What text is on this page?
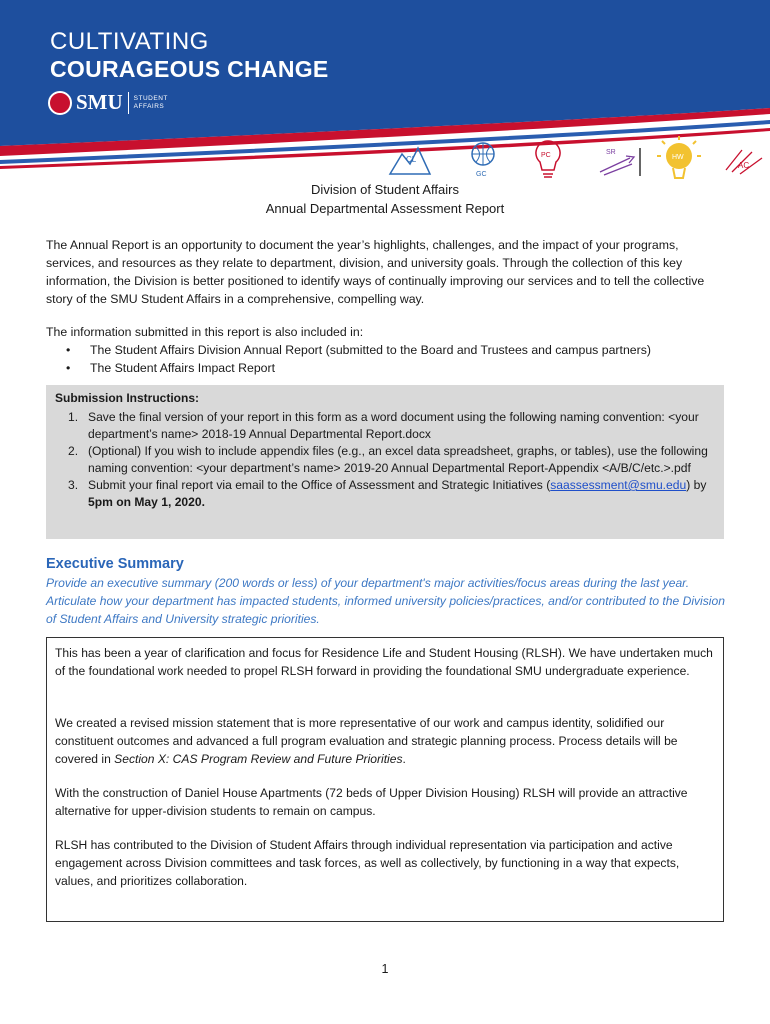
CULTIVATING
COURAGEOUS CHANGE
SMU STUDENT
AFFAIRS
CL
GC
PC	SR
HW
AC
Division of Student Affairs
Annual Departmental Assessment Report

The Annual Report is an opportunity to document the year’s highlights, challenges, and the impact of your programs, services, and resources as they relate to department, division, and university goals. Through the collection of this key information, the Division is better positioned to identify ways of continually improving our services and to tell the collective story of the SMU Student Affairs in a comprehensive, compelling way.

The information submitted in this report is also included in:

• The Student Affairs Division Annual Report (submitted to the Board and Trustees and campus partners)
• The Student Affairs Impact Report
Submission Instructions:
1. Save the final version of your report in this form as a word document using the following naming convention: <your department’s name> 2018-19 Annual Departmental Report.docx
2. (Optional) If you wish to include appendix files (e.g., an excel data spreadsheet, graphs, or tables), use the following naming convention: <your department’s name> 2019-20 Annual Departmental Report-Appendix <A/B/C/etc.>.pdf
3. Submit your final report via email to the Office of Assessment and Strategic Initiatives (saassessment@smu.edu) by 5pm on May 1, 2020.
Executive Summary

Provide an executive summary (200 words or less) of your department's major activities/focus areas during the last year. Articulate how your department has impacted students, informed university policies/practices, and/or contributed to the Division of Student Affairs and University strategic priorities.

This has been a year of clarification and focus for Residence Life and Student Housing (RLSH). We have undertaken much of the foundational work needed to propel RLSH forward in providing the foundational SMU undergraduate experience.

We created a revised mission statement that is more representative of our work and campus identity, solidified our constituent outcomes and advanced a full program evaluation and strategic planning process. Process details will be covered in Section X: CAS Program Review and Future Priorities.

With the construction of Daniel House Apartments (72 beds of Upper Division Housing) RLSH will provide an attractive alternative for upper-division students to remain on campus.

RLSH has contributed to the Division of Student Affairs through individual representation via participation and active engagement across Division committees and task forces, as well as collectively, by functioning in a way that expects, values, and prioritizes collaboration.

1
